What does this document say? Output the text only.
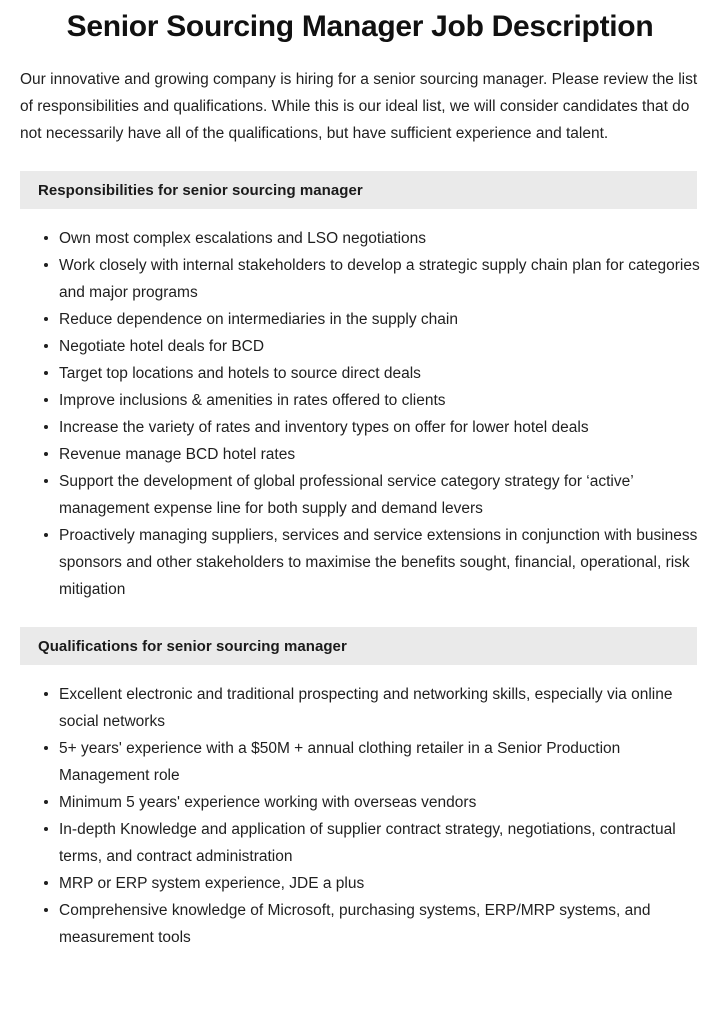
Senior Sourcing Manager Job Description

Our innovative and growing company is hiring for a senior sourcing manager. Please review the list of responsibilities and qualifications. While this is our ideal list, we will consider candidates that do not necessarily have all of the qualifications, but have sufficient experience and talent.

Responsibilities for senior sourcing manager
Own most complex escalations and LSO negotiations
Work closely with internal stakeholders to develop a strategic supply chain plan for categories and major programs
Reduce dependence on intermediaries in the supply chain
Negotiate hotel deals for BCD
Target top locations and hotels to source direct deals
Improve inclusions & amenities in rates offered to clients
Increase the variety of rates and inventory types on offer for lower hotel deals
Revenue manage BCD hotel rates
Support the development of global professional service category strategy for ‘active’ management expense line for both supply and demand levers
Proactively managing suppliers, services and service extensions in conjunction with business sponsors and other stakeholders to maximise the benefits sought, financial, operational, risk mitigation
Qualifications for senior sourcing manager
Excellent electronic and traditional prospecting and networking skills, especially via online social networks
5+ years' experience with a $50M + annual clothing retailer in a Senior Production Management role
Minimum 5 years' experience working with overseas vendors
In-depth Knowledge and application of supplier contract strategy, negotiations, contractual terms, and contract administration
MRP or ERP system experience, JDE a plus
Comprehensive knowledge of Microsoft, purchasing systems, ERP/MRP systems, and measurement tools
